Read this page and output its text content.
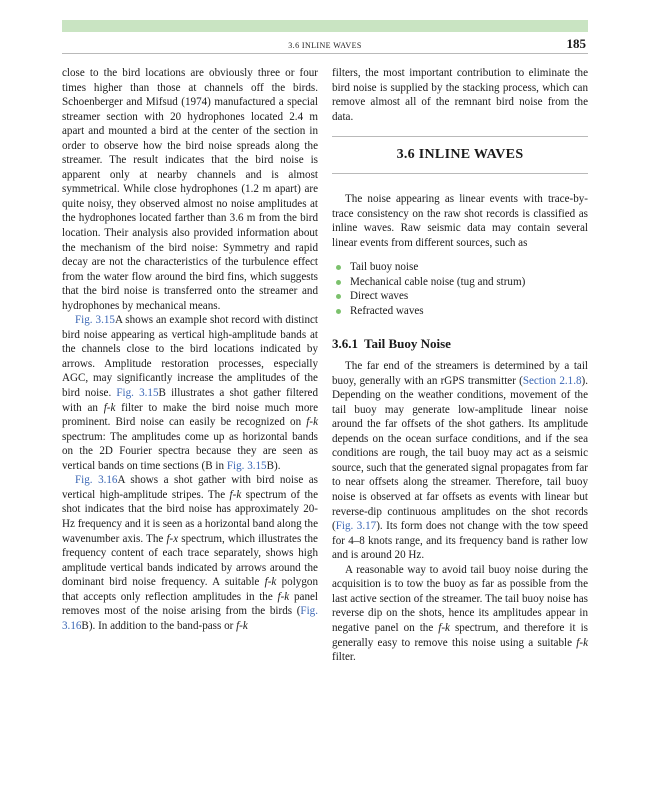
3.6 INLINE WAVES	185

close to the bird locations are obviously three or four times higher than those at channels off the birds. Schoenberger and Mifsud (1974) manufactured a special streamer section with 20 hydrophones located 2.4 m apart and mounted a bird at the center of the section in order to observe how the bird noise spreads along the streamer. The result indicates that the bird noise is apparent only at nearby channels and is almost symmetrical. While close hydrophones (1.2 m apart) are quite noisy, they observed almost no noise amplitudes at the hydrophones located farther than 3.6 m from the bird location. Their analysis also provided information about the mechanism of the bird noise: Symmetry and rapid decay are not the characteristics of the turbulence effect from the water flow around the bird fins, which suggests that the bird noise is transferred onto the streamer and hydrophones by mechanical means.

Fig. 3.15A shows an example shot record with distinct bird noise appearing as vertical high-amplitude bands at the channels close to the bird locations indicated by arrows. Amplitude restoration processes, especially AGC, may significantly increase the amplitudes of the bird noise. Fig. 3.15B illustrates a shot gather filtered with an f-k filter to make the bird noise much more prominent. Bird noise can easily be recognized on f-k spectrum: The amplitudes come up as horizontal bands on the 2D Fourier spectra because they are seen as vertical bands on time sections (B in Fig. 3.15B).

Fig. 3.16A shows a shot gather with bird noise as vertical high-amplitude stripes. The f-k spectrum of the shot indicates that the bird noise has approximately 20-Hz frequency and it is seen as a horizontal band along the wavenumber axis. The f-x spectrum, which illustrates the frequency content of each trace separately, shows high amplitude vertical bands indicated by arrows around the dominant bird noise frequency. A suitable f-k polygon that accepts only reflection amplitudes in the f-k panel removes most of the noise arising from the birds (Fig. 3.16B). In addition to the band-pass or f-k

filters, the most important contribution to eliminate the bird noise is supplied by the stacking process, which can remove almost all of the remnant bird noise from the data.

3.6 INLINE WAVES

The noise appearing as linear events with trace-by-trace consistency on the raw shot records is classified as inline waves. Raw seismic data may contain several linear events from different sources, such as

Tail buoy noise
Mechanical cable noise (tug and strum)
Direct waves
Refracted waves
3.6.1 Tail Buoy Noise

The far end of the streamers is determined by a tail buoy, generally with an rGPS transmitter (Section 2.1.8). Depending on the weather conditions, movement of the tail buoy may generate low-amplitude linear noise around the far offsets of the shot gathers. Its amplitude depends on the ocean surface conditions, and if the sea conditions are rough, the tail buoy may act as a seismic source, such that the generated signal propagates from far to near offsets along the streamer. Therefore, tail buoy noise is observed at far offsets as events with linear but reverse-dip continuous amplitudes on the shot records (Fig. 3.17). Its form does not change with the tow speed for 4–8 knots range, and its frequency band is rather low and is around 20 Hz.

A reasonable way to avoid tail buoy noise during the acquisition is to tow the buoy as far as possible from the last active section of the streamer. The tail buoy noise has reverse dip on the shots, hence its amplitudes appear in negative panel on the f-k spectrum, and therefore it is generally easy to remove this noise using a suitable f-k filter.
